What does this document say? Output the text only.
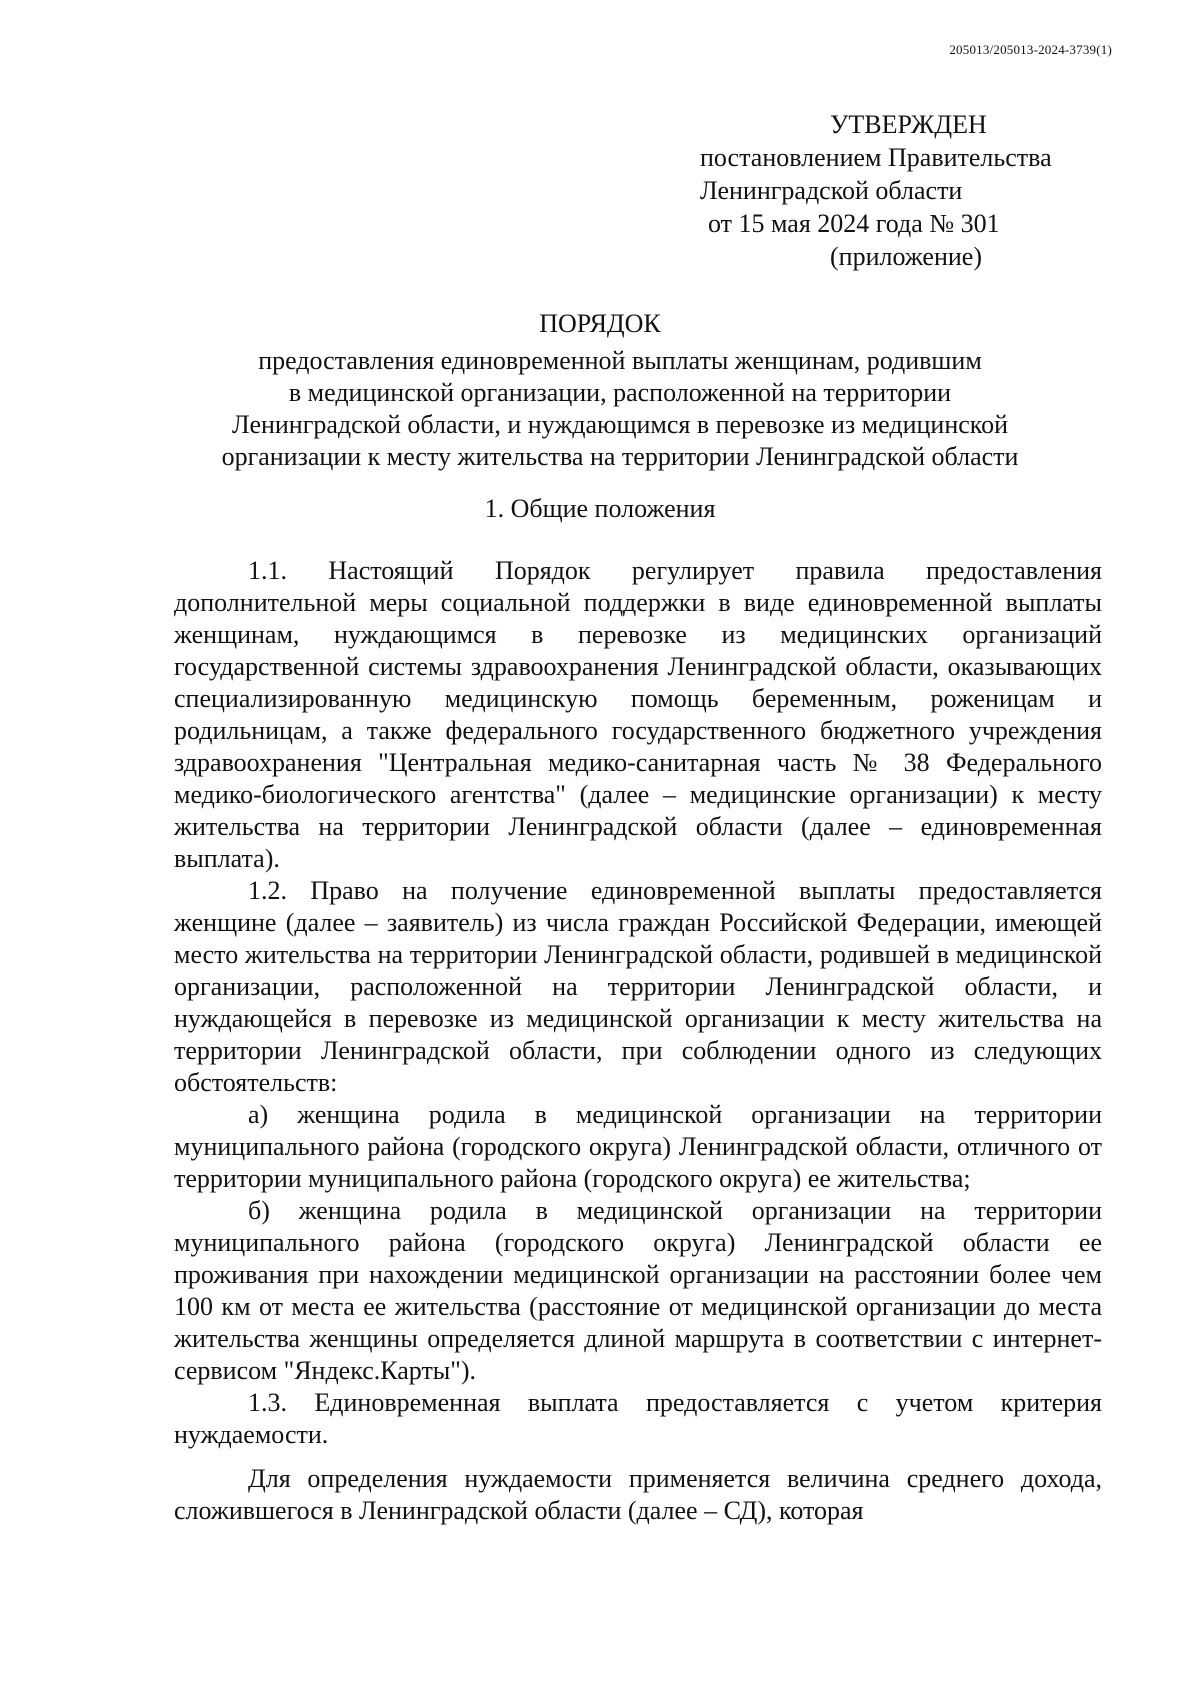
205013/205013-2024-3739(1)
УТВЕРЖДЕН
постановлением Правительства
Ленинградской области
от 15 мая 2024 года № 301
(приложение)
ПОРЯДОК
предоставления единовременной выплаты женщинам, родившим
в медицинской организации, расположенной на территории
Ленинградской области, и нуждающимся в перевозке из медицинской
организации к месту жительства на территории Ленинградской области
1. Общие положения

1.1. Настоящий Порядок регулирует правила предоставления дополнительной меры социальной поддержки в виде единовременной выплаты женщинам, нуждающимся в перевозке из медицинских организаций государственной системы здравоохранения Ленинградской области, оказывающих специализированную медицинскую помощь беременным, роженицам и родильницам, а также федерального государственного бюджетного учреждения здравоохранения "Центральная медико-санитарная часть № 38 Федерального медико-биологического агентства" (далее – медицинские организации) к месту жительства на территории Ленинградской области (далее – единовременная выплата).

1.2. Право на получение единовременной выплаты предоставляется женщине (далее – заявитель) из числа граждан Российской Федерации, имеющей место жительства на территории Ленинградской области, родившей в медицинской организации, расположенной на территории Ленинградской области, и нуждающейся в перевозке из медицинской организации к месту жительства на территории Ленинградской области, при соблюдении одного из следующих обстоятельств:

а) женщина родила в медицинской организации на территории муниципального района (городского округа) Ленинградской области, отличного от территории муниципального района (городского округа) ее жительства;

б) женщина родила в медицинской организации на территории муниципального района (городского округа) Ленинградской области ее проживания при нахождении медицинской организации на расстоянии более чем 100 км от места ее жительства (расстояние от медицинской организации до места жительства женщины определяется длиной маршрута в соответствии с интернет-сервисом "Яндекс.Карты").

1.3. Единовременная выплата предоставляется с учетом критерия нуждаемости.

Для определения нуждаемости применяется величина среднего дохода, сложившегося в Ленинградской области (далее – СД), которая
